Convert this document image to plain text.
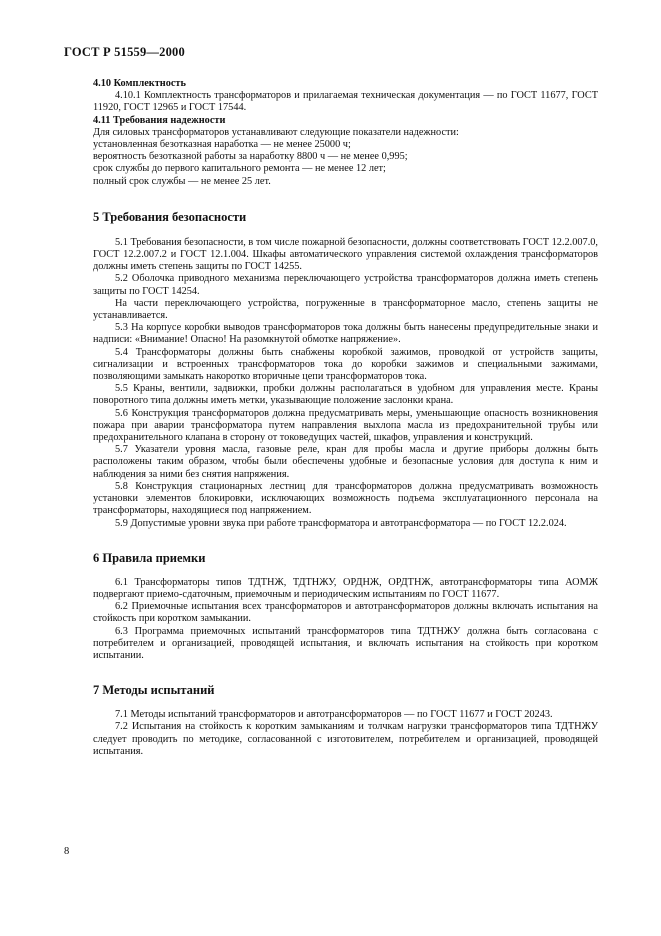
ГОСТ Р 51559—2000

4.10 Комплектность

4.10.1 Комплектность трансформаторов и прилагаемая техническая документация — по ГОСТ 11677, ГОСТ 11920, ГОСТ 12965 и ГОСТ 17544.

4.11 Требования надежности

Для силовых трансформаторов устанавливают следующие показатели надежности:

установленная безотказная наработка — не менее 25000 ч;

вероятность безотказной работы за наработку 8800 ч — не менее 0,995;

срок службы до первого капитального ремонта — не менее 12 лет;

полный срок службы — не менее 25 лет.

5 Требования безопасности

5.1 Требования безопасности, в том числе пожарной безопасности, должны соответствовать ГОСТ 12.2.007.0, ГОСТ 12.2.007.2 и ГОСТ 12.1.004. Шкафы автоматического управления системой охлаждения трансформаторов должны иметь степень защиты по ГОСТ 14255.

5.2 Оболочка приводного механизма переключающего устройства трансформаторов должна иметь степень защиты по ГОСТ 14254.

На части переключающего устройства, погруженные в трансформаторное масло, степень защиты не устанавливается.

5.3 На корпусе коробки выводов трансформаторов тока должны быть нанесены предупредительные знаки и надписи: «Внимание! Опасно! На разомкнутой обмотке напряжение».

5.4 Трансформаторы должны быть снабжены коробкой зажимов, проводкой от устройств защиты, сигнализации и встроенных трансформаторов тока до коробки зажимов и специальными зажимами, позволяющими замыкать накоротко вторичные цепи трансформаторов тока.

5.5 Краны, вентили, задвижки, пробки должны располагаться в удобном для управления месте. Краны поворотного типа должны иметь метки, указывающие положение заслонки крана.

5.6 Конструкция трансформаторов должна предусматривать меры, уменьшающие опасность возникновения пожара при аварии трансформатора путем направления выхлопа масла из предохранительной трубы или предохранительного клапана в сторону от токоведущих частей, шкафов, управления и конструкций.

5.7 Указатели уровня масла, газовые реле, кран для пробы масла и другие приборы должны быть расположены таким образом, чтобы были обеспечены удобные и безопасные условия для доступа к ним и наблюдения за ними без снятия напряжения.

5.8 Конструкция стационарных лестниц для трансформаторов должна предусматривать возможность установки элементов блокировки, исключающих возможность подъема эксплуатационного персонала на трансформаторы, находящиеся под напряжением.

5.9 Допустимые уровни звука при работе трансформатора и автотрансформатора — по ГОСТ 12.2.024.

6 Правила приемки

6.1 Трансформаторы типов ТДТНЖ, ТДТНЖУ, ОРДНЖ, ОРДТНЖ, автотрансформаторы типа АОМЖ подвергают приемо-сдаточным, приемочным и периодическим испытаниям по ГОСТ 11677.

6.2 Приемочные испытания всех трансформаторов и автотрансформаторов должны включать испытания на стойкость при коротком замыкании.

6.3 Программа приемочных испытаний трансформаторов типа ТДТНЖУ должна быть согласована с потребителем и организацией, проводящей испытания, и включать испытания на стойкость при коротком испытании.

7 Методы испытаний

7.1 Методы испытаний трансформаторов и автотрансформаторов — по ГОСТ 11677 и ГОСТ 20243.

7.2 Испытания на стойкость к коротким замыканиям и толчкам нагрузки трансформаторов типа ТДТНЖУ следует проводить по методике, согласованной с изготовителем, потребителем и организацией, проводящей испытания.

8
